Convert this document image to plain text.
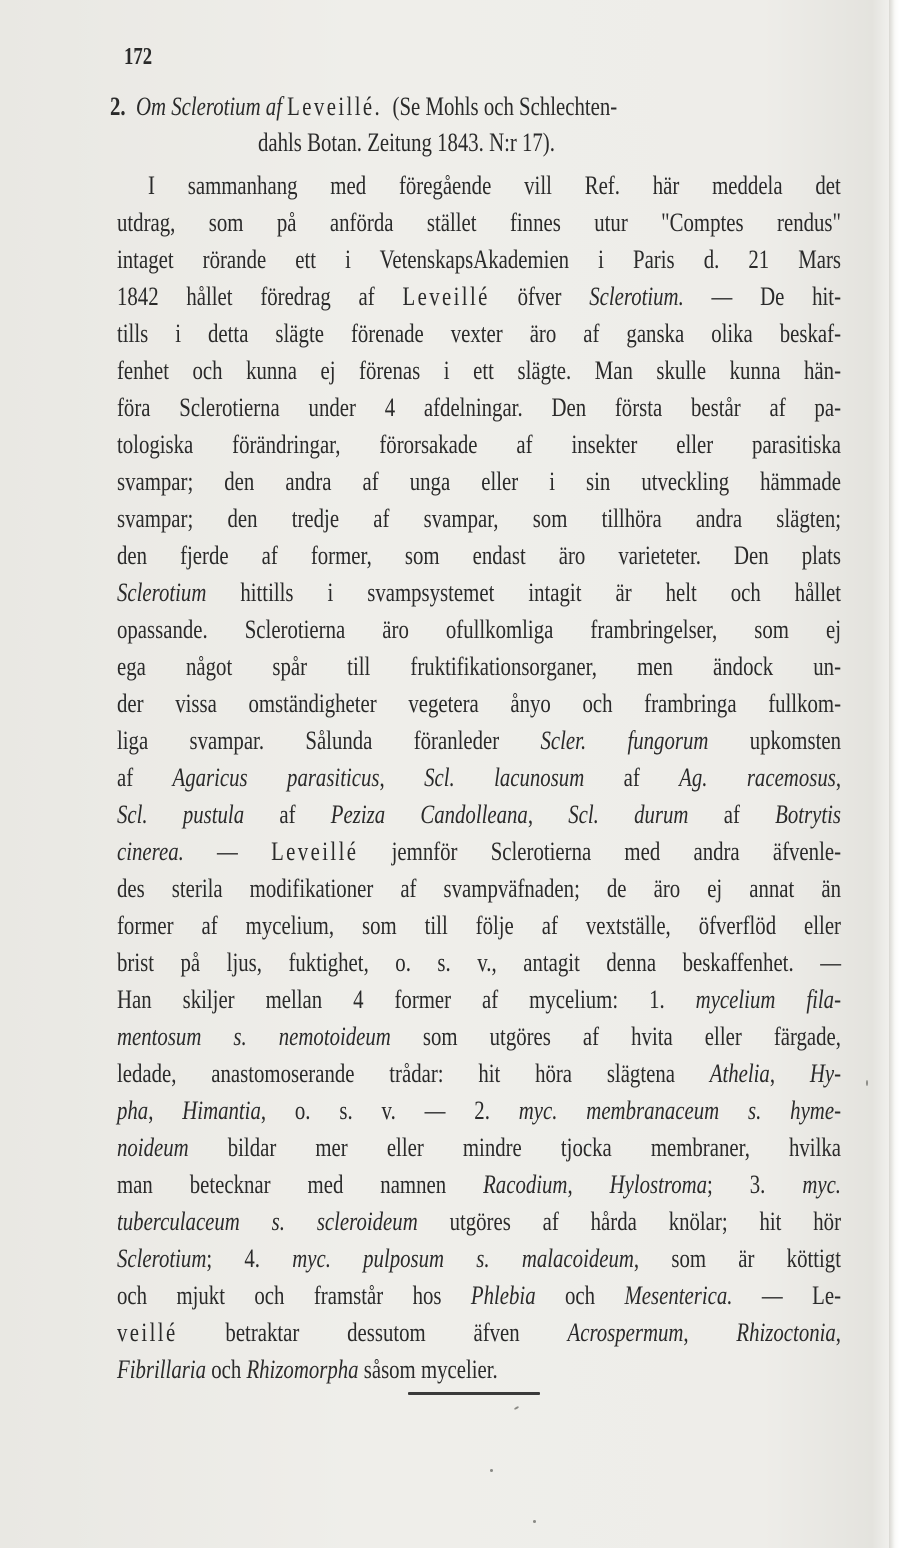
172
2. Om Sclerotium af Leveillé. (Se Mohls och Schlechten-
dahls Botan. Zeitung 1843. N:r 17).
I sammanhang med föregående vill Ref. här meddela det
utdrag, som på anförda stället finnes utur "Comptes rendus"
intaget rörande ett i VetenskapsAkademien i Paris d. 21 Mars
1842 hållet föredrag af Leveillé öfver Sclerotium. — De hit-
tills i detta slägte förenade vexter äro af ganska olika beskaf-
fenhet och kunna ej förenas i ett slägte. Man skulle kunna hän-
föra Sclerotierna under 4 afdelningar. Den första består af pa-
tologiska förändringar, förorsakade af insekter eller parasitiska
svampar; den andra af unga eller i sin utveckling hämmade
svampar; den tredje af svampar, som tillhöra andra slägten;
den fjerde af former, som endast äro varieteter. Den plats
Sclerotium hittills i svampsystemet intagit är helt och hållet
opassande. Sclerotierna äro ofullkomliga frambringelser, som ej
ega något spår till fruktifikationsorganer, men ändock un-
der vissa omständigheter vegetera ånyo och frambringa fullkom-
liga svampar. Sålunda föranleder Scler. fungorum upkomsten
af Agaricus parasiticus, Scl. lacunosum af Ag. racemosus,
Scl. pustula af Peziza Candolleana, Scl. durum af Botrytis
cinerea. — Leveillé jemnför Sclerotierna med andra äfvenle-
des sterila modifikationer af svampväfnaden; de äro ej annat än
former af mycelium, som till följe af vextställe, öfverflöd eller
brist på ljus, fuktighet, o. s. v., antagit denna beskaffenhet. —
Han skiljer mellan 4 former af mycelium: 1. mycelium fila-
mentosum s. nemotoideum som utgöres af hvita eller färgade,
ledade, anastomoserande trådar: hit höra slägtena Athelia, Hy-
pha, Himantia, o. s. v. — 2. myc. membranaceum s. hyme-
noideum bildar mer eller mindre tjocka membraner, hvilka
man betecknar med namnen Racodium, Hylostroma; 3. myc.
tuberculaceum s. scleroideum utgöres af hårda knölar; hit hör
Sclerotium; 4. myc. pulposum s. malacoideum, som är köttigt
och mjukt och framstår hos Phlebia och Mesenterica. — Le-
veillé betraktar dessutom äfven Acrospermum, Rhizoctonia,
Fibrillaria och Rhizomorpha såsom mycelier.
